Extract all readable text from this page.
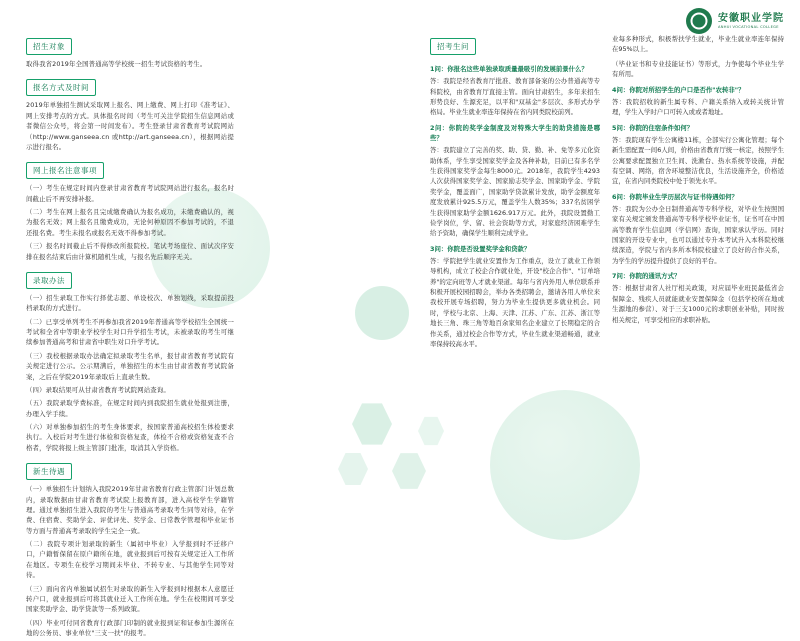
安徽职业学院
ANHUI VOCATIONAL COLLEGE
招生对象

取得我省2019年全国普通高等学校统一招生考试资格的考生。

报名方式及时间

2019年单独招生测试采取网上报名、网上缴费、网上打印《准考证》、网上安排考点的方式。具体报名时间（考生可关注学院招生信息网站或者微信公众号，将会第一时间发布）。考生登录甘肃省教育考试院网站（http://www.ganseea.cn 或http://art.ganseea.cn），根据网站提示进行报名。

网上报名注意事项

（一）考生在规定时间内登录甘肃省教育考试院网站进行报名，报名时间截止后不再安排补报。

（二）考生在网上报名且完成缴费确认为报名成功，未缴费确认的，视为报名无效；网上报名且缴费成功，无论何种原因不参加考试的，不退还报名费。考生未报名或报名无效不得参加考试。

（三）报名时间截止后不得修改所报院校。笔试考场座位、面试次序安排在报名结束后由计算机随机生成，与报名先后顺序无关。

录取办法

（一）招生录取工作实行择优志愿、单设校次、单独划线，采取提前投档录取的方式进行。

（二）已享受单列考生不再参加我省2019年普通高等学校招生全国统一考试和全省中等职业学校学生对口升学招生考试，未被录取的考生可继续参加普通高考和甘肃省中职生对口升学考试。

（三）我校根据录取办法确定拟录取考生名单，报甘肃省教育考试院有关规定进行公示。公示期满后，单独招生的本生由甘肃省教育考试院备案，之后在学院2019年录取后上直录生数。

（四）录取结果可从甘肃省教育考试院网站查询。

（五）我院录取学费标准，在规定时间内到我院招生就业处报到注册，办理入学手续。

（六）对单独参加招生的考生身体要求，按国家普通高校招生体检要求执行。入校后对考生进行体检和资格复查，体检不合格或资格复查不合格者，学院将报上级主管部门批准，取消其入学资格。

新生待遇

（一）单独招生计划纳入我院2019年甘肃省教育行政主管部门计划总数内，录取数据由甘肃省教育考试院上报教育部，进入高校学生学籍管理。通过单独招生进入我院的考生与普通高考录取考生同等对待，在学费、住宿费、奖助学金、评优评先、奖学金、日常教学管理和毕业证书等方面与普通高考录取的学生完全一致。

（二）我院专项计划录取的新生（属初中毕业）入学报到时不迁移户口，户籍暂保留在原户籍所在地，就业报到后可按有关规定迁入工作所在地区。专项生在校学习期间未毕业、不转专业、与其他学生同等对待。

（三）面向省内单独属试招生对录取的新生入学报到时根据本人意愿迁转户口，就业报到后可将其就业迁入工作所在地。学生在校期间可享受国家奖助学金、助学贷款等一系列政策。

（四）毕业可付同省教育行政部门印制的就业报到证和证参加生源所在地的公务员、事业单位"三支一扶"的报考。

招考生问
1问：你报名这些单独录取质量最吸引的发展前景什么？
答：我院是经省教育厅批准、教育部备案的公办普通高等专科院校，由省教育厅直接主管。面向甘肃招生，多年来招生形势良好、生源充足，以平和"双基金"多层次、多形式办学格局。毕业生就业率连年保持在省内同类院校前列。
2问：你院的奖学金制度及对特殊大学生的助贷措施是哪些？
答：我院建立了完善的奖、助、贷、勤、补、免等多元化资助体系，学生享受国家奖学金及各种补助，目前已有多名学生获得国家奖学金每生8000元。2018年，我院学生4293人次获得国家奖学金、国家励志奖学金、国家助学金、学院奖学金，覆盖面广，国家助学贷款累计发放，助学金额度年度发放累计925.5万元，覆盖学生人数35%；337名贫困学生获得国家助学金额1626.917万元。此外，我院设置勤工俭学岗位，学、留、社会资助等方式，对家庭经济困难学生给予资助，确保学生顺利完成学业。
3问：你院是否设置奖学金和贷款？
答：学院把学生就业安置作为工作重点，设立了就业工作领导机构，成立了校企合作就业处，开设"校企合作"、"订单培养"的定向班等人才就业渠道。每年与省内外用人单位联系并积极开展校园招聘会，举办各类招聘会，邀请各用人单位来我校开展专场招聘，努力为毕业生提供更多就业机会。同时，学校与北京、上海、天津、江苏、广东、江苏、浙江等地长三角、珠三角等地百余家知名企业建立了长期稳定的合作关系，通过校企合作等方式，毕业生就业渠道畅通，就业率保持较高水平。
业每多种形式，积极帮扶学生就业，毕业生就业率连年保持在95%以上。
（毕业证书和专业技能证书）等形式，力争使每个毕业生学有所用。
4问：你院对所招学生的户口是否作"农转非"？
答：我院招收的新生属专科、户籍关系纳入或转关统计管理，学生入学时户口可转入或或者地址。
5问：你院的住宿条件如何？
答：我院现有学生公寓楼11栋，全部实行公寓化管理；每个新生需配置一间6人间，价格由省教育厅统一核定，按照学生公寓要求配置独立卫生间、洗漱台、热水系统等设施，并配有空调、网络，宿舍环境整洁优良，生活设施齐全，价格适宜，在省内同类院校中处于领先水平。
6问：你院毕业生学历层次与证书待遇如何？
答：我院为公办全日制普通高等专科学校，对毕业生按照国家有关规定颁发普通高等专科学校毕业证书，证书可在中国高等教育学生信息网（学信网）查询，国家承认学历。同时国家的开设专业中，也可以通过专升本考试升入本科院校继续深造，学院与省内多所本科院校建立了良好的合作关系，为学生的学历提升提供了良好的平台。
7问：你院的通讯方式？
答：根据甘肃省人社厅相关政策，对应届毕业班民最低省会保障金、残疾人员就能就业安置保障金（包括学校所在地或生源地的参营）、对于三支1000元的求职创业补贴，同时按相关规定，可享受相应的求职补贴。
